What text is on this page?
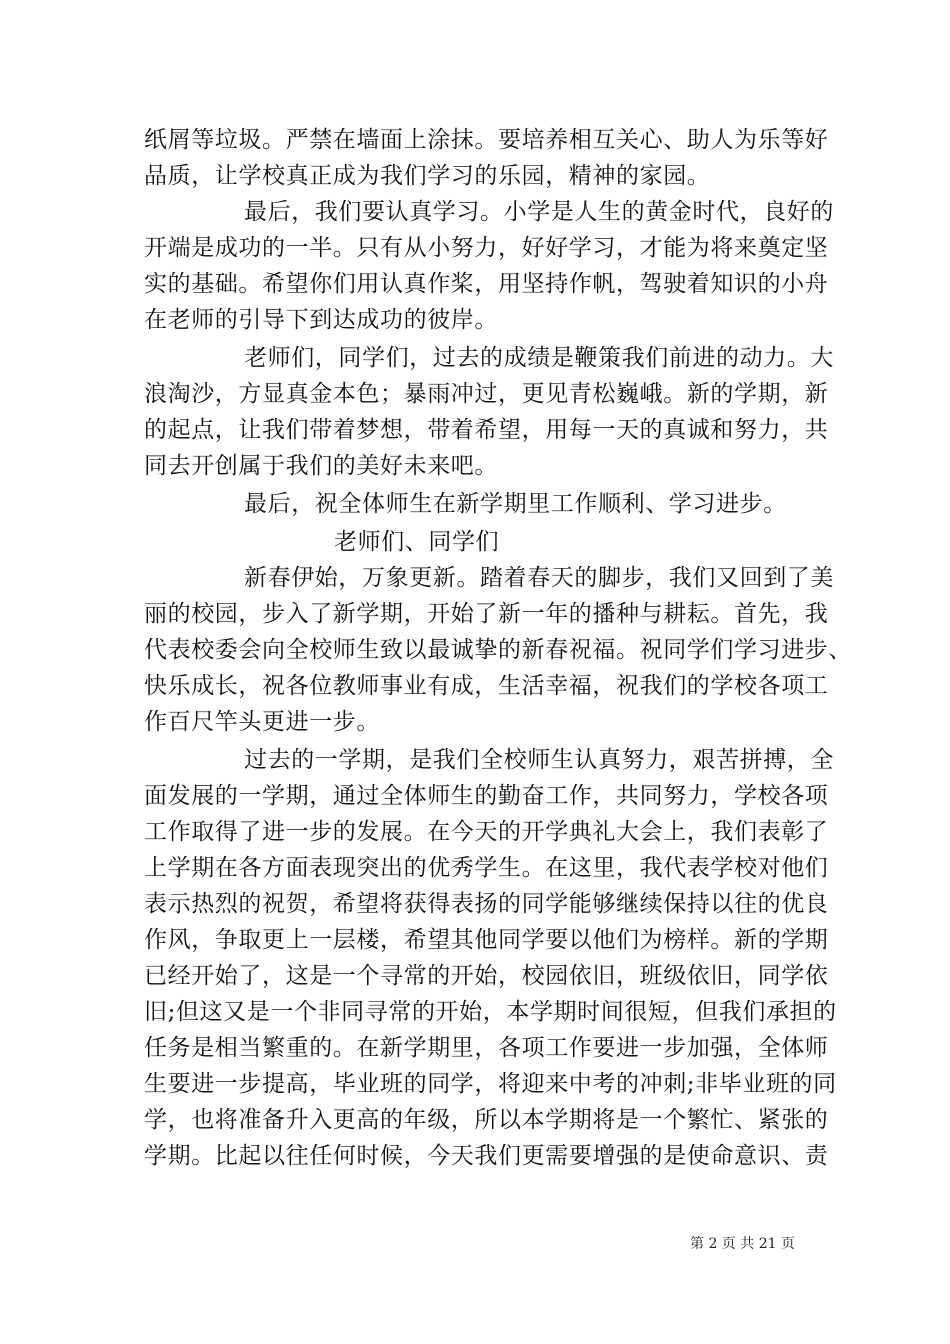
纸屑等垃圾。严禁在墙面上涂抹。要培养相互关心、助人为乐等好
品质，让学校真正成为我们学习的乐园，精神的家园。
最后，我们要认真学习。小学是人生的黄金时代，良好的
开端是成功的一半。只有从小努力，好好学习，才能为将来奠定坚
实的基础。希望你们用认真作桨，用坚持作帆，驾驶着知识的小舟
在老师的引导下到达成功的彼岸。
老师们，同学们，过去的成绩是鞭策我们前进的动力。大
浪淘沙，方显真金本色；暴雨冲过，更见青松巍峨。新的学期，新
的起点，让我们带着梦想，带着希望，用每一天的真诚和努力，共
同去开创属于我们的美好未来吧。
最后，祝全体师生在新学期里工作顺利、学习进步。
老师们、同学们
新春伊始，万象更新。踏着春天的脚步，我们又回到了美
丽的校园，步入了新学期，开始了新一年的播种与耕耘。首先，我
代表校委会向全校师生致以最诚挚的新春祝福。祝同学们学习进步、
快乐成长，祝各位教师事业有成，生活幸福，祝我们的学校各项工
作百尺竿头更进一步。
过去的一学期，是我们全校师生认真努力，艰苦拼搏，全
面发展的一学期，通过全体师生的勤奋工作，共同努力，学校各项
工作取得了进一步的发展。在今天的开学典礼大会上，我们表彰了
上学期在各方面表现突出的优秀学生。在这里，我代表学校对他们
表示热烈的祝贺，希望将获得表扬的同学能够继续保持以往的优良
作风，争取更上一层楼，希望其他同学要以他们为榜样。新的学期
已经开始了，这是一个寻常的开始，校园依旧，班级依旧，同学依
旧;但这又是一个非同寻常的开始，本学期时间很短，但我们承担的
任务是相当繁重的。在新学期里，各项工作要进一步加强，全体师
生要进一步提高，毕业班的同学，将迎来中考的冲刺;非毕业班的同
学，也将准备升入更高的年级，所以本学期将是一个繁忙、紧张的
学期。比起以往任何时候，今天我们更需要增强的是使命意识、责
第 2 页 共 21 页
